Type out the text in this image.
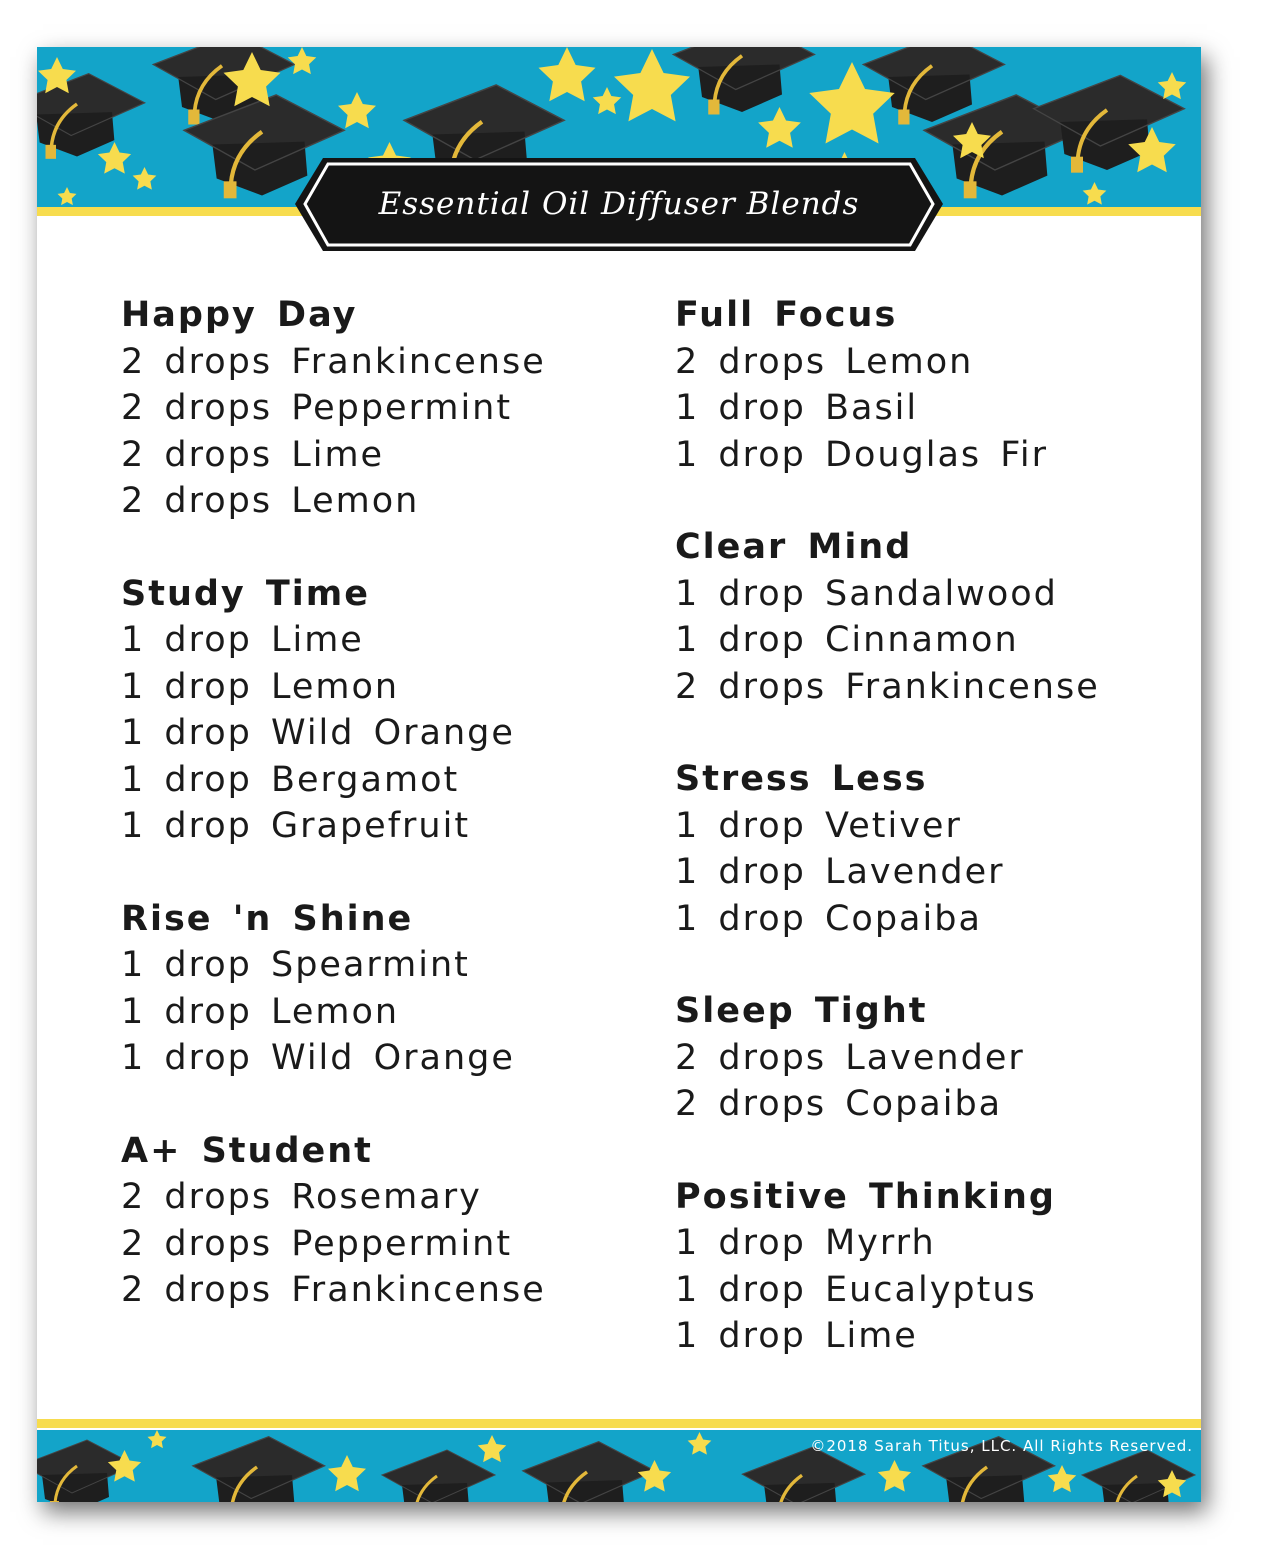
Essential Oil Diffuser Blends
Happy Day
2 drops Frankincense
2 drops Peppermint
2 drops Lime
2 drops Lemon
Study Time
1 drop Lime
1 drop Lemon
1 drop Wild Orange
1 drop Bergamot
1 drop Grapefruit
Rise 'n Shine
1 drop Spearmint
1 drop Lemon
1 drop Wild Orange
A+ Student
2 drops Rosemary
2 drops Peppermint
2 drops Frankincense
Full Focus
2 drops Lemon
1 drop Basil
1 drop Douglas Fir
Clear Mind
1 drop Sandalwood
1 drop Cinnamon
2 drops Frankincense
Stress Less
1 drop Vetiver
1 drop Lavender
1 drop Copaiba
Sleep Tight
2 drops Lavender
2 drops Copaiba
Positive Thinking
1 drop Myrrh
1 drop Eucalyptus
1 drop Lime
©2018 Sarah Titus, LLC. All Rights Reserved.
